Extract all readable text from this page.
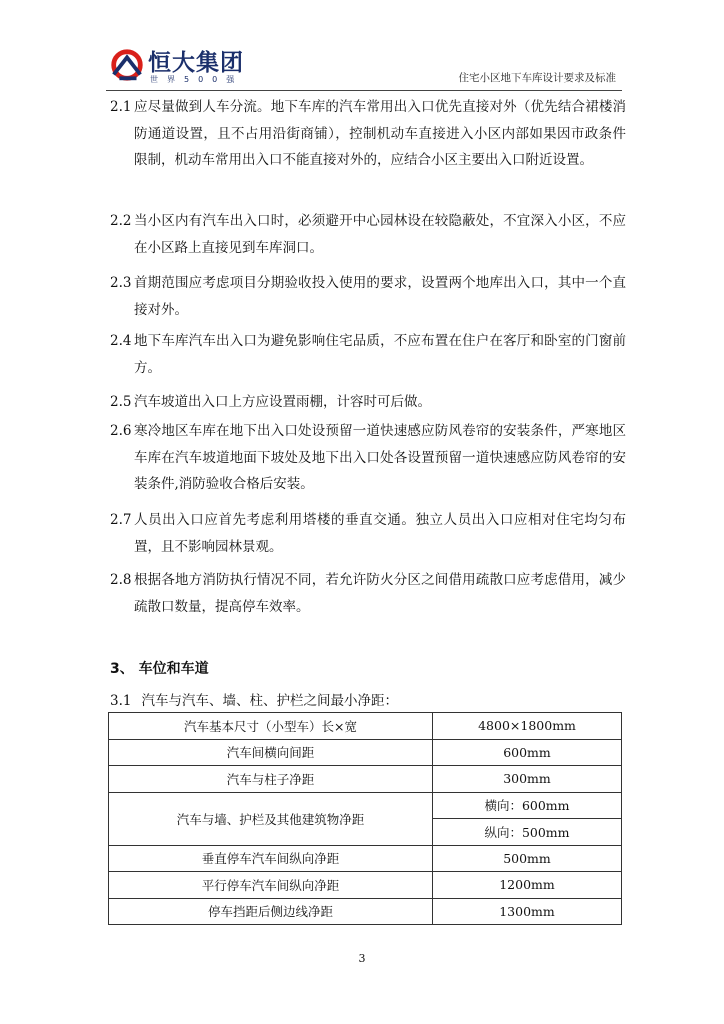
恒大集团
世界500强	住宅小区地下车库设计要求及标准
2.1 应尽量做到人车分流。地下车库的汽车常用出入口优先直接对外（优先结合裙楼消防通道设置，且不占用沿街商铺），控制机动车直接进入小区内部如果因市政条件限制，机动车常用出入口不能直接对外的，应结合小区主要出入口附近设置。
2.2 当小区内有汽车出入口时，必须避开中心园林设在较隐蔽处，不宜深入小区，不应在小区路上直接见到车库洞口。
2.3 首期范围应考虑项目分期验收投入使用的要求，设置两个地库出入口，其中一个直接对外。
2.4 地下车库汽车出入口为避免影响住宅品质，不应布置在住户在客厅和卧室的门窗前方。
2.5 汽车坡道出入口上方应设置雨棚，计容时可后做。
2.6 寒冷地区车库在地下出入口处设预留一道快速感应防风卷帘的安装条件，严寒地区车库在汽车坡道地面下坡处及地下出入口处各设置预留一道快速感应防风卷帘的安装条件,消防验收合格后安装。
2.7 人员出入口应首先考虑利用塔楼的垂直交通。独立人员出入口应相对住宅均匀布置，且不影响园林景观。
2.8 根据各地方消防执行情况不同，若允许防火分区之间借用疏散口应考虑借用，减少疏散口数量，提高停车效率。
3、 车位和车道
3.1 汽车与汽车、墙、柱、护栏之间最小净距：
汽车基本尺寸（小型车）长×宽	4800×1800mm
汽车间横向间距	600mm
汽车与柱子净距	300mm
汽车与墙、护栏及其他建筑物净距	横向：600mm
	纵向：500mm
垂直停车汽车间纵向净距	500mm
平行停车汽车间纵向净距	1200mm
停车挡距后侧边线净距	1300mm
3
